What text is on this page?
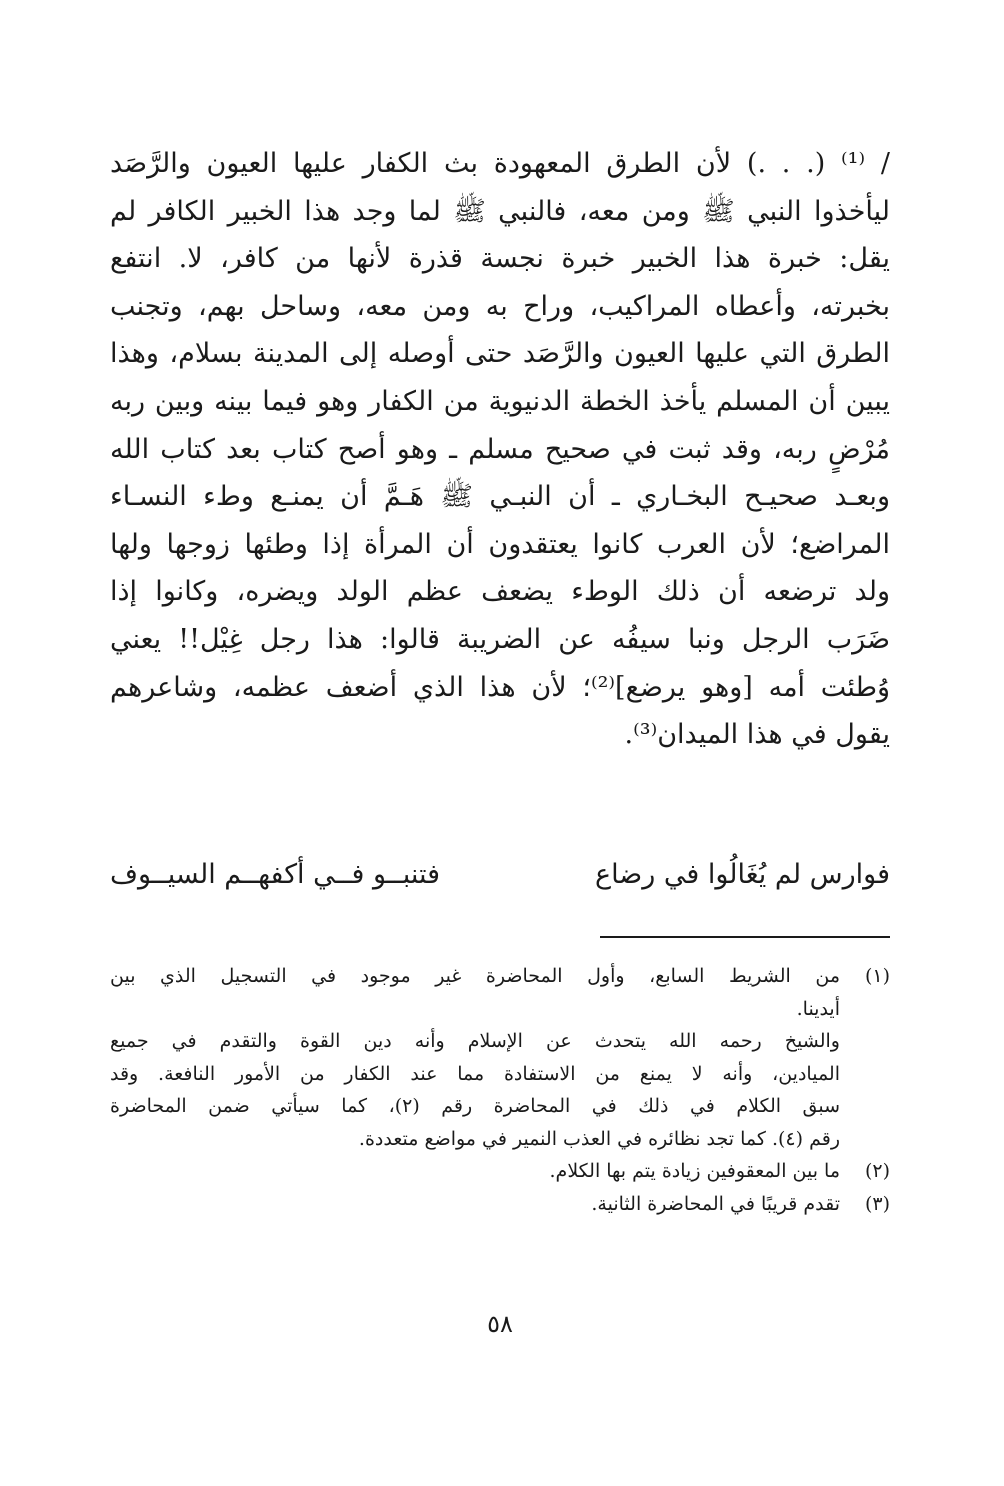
/ ⁽¹⁾ (. . .) لأن الطرق المعهودة بث الكفار عليها العيون والرَّصَد
ليأخذوا النبي ﷺ ومن معه، فالنبي ﷺ لما وجد هذا الخبير الكافر لم
يقل: خبرة هذا الخبير خبرة نجسة قذرة لأنها من كافر، لا. انتفع
بخبرته، وأعطاه المراكيب، وراح به ومن معه، وساحل بهم، وتجنب
الطرق التي عليها العيون والرَّصَد حتى أوصله إلى المدينة بسلام، وهذا
يبين أن المسلم يأخذ الخطة الدنيوية من الكفار وهو فيما بينه وبين ربه
مُرْضٍ ربه، وقد ثبت في صحيح مسلم ـ وهو أصح كتاب بعد كتاب الله
وبعـد صحيـح البخـاري ـ أن النبـي ﷺ هَـمَّ أن يمنـع وطء النسـاء
المراضع؛ لأن العرب كانوا يعتقدون أن المرأة إذا وطئها زوجها ولها
ولد ترضعه أن ذلك الوطء يضعف عظم الولد ويضره، وكانوا إذا
ضَرَب الرجل ونبا سيفُه عن الضريبة قالوا: هذا رجل غِيْل!! يعني
وُطئت أمه [وهو يرضع]⁽²⁾؛ لأن هذا الذي أضعف عظمه، وشاعرهم
يقول في هذا الميدان⁽³⁾.
فوارس لم يُغَالُوا في رضاع
فتنبــو فــي أكفهــم السيــوف
(١)
من الشريط السابع، وأول المحاضرة غير موجود في التسجيل الذي بين
أيدينا.
والشيخ رحمه الله يتحدث عن الإسلام وأنه دين القوة والتقدم في جميع
الميادين، وأنه لا يمنع من الاستفادة مما عند الكفار من الأمور النافعة. وقد
سبق الكلام في ذلك في المحاضرة رقم (٢)، كما سيأتي ضمن المحاضرة
رقم (٤). كما تجد نظائره في العذب النمير في مواضع متعددة.
(٢)
ما بين المعقوفين زيادة يتم بها الكلام.
(٣)
تقدم قريبًا في المحاضرة الثانية.
٥٨
